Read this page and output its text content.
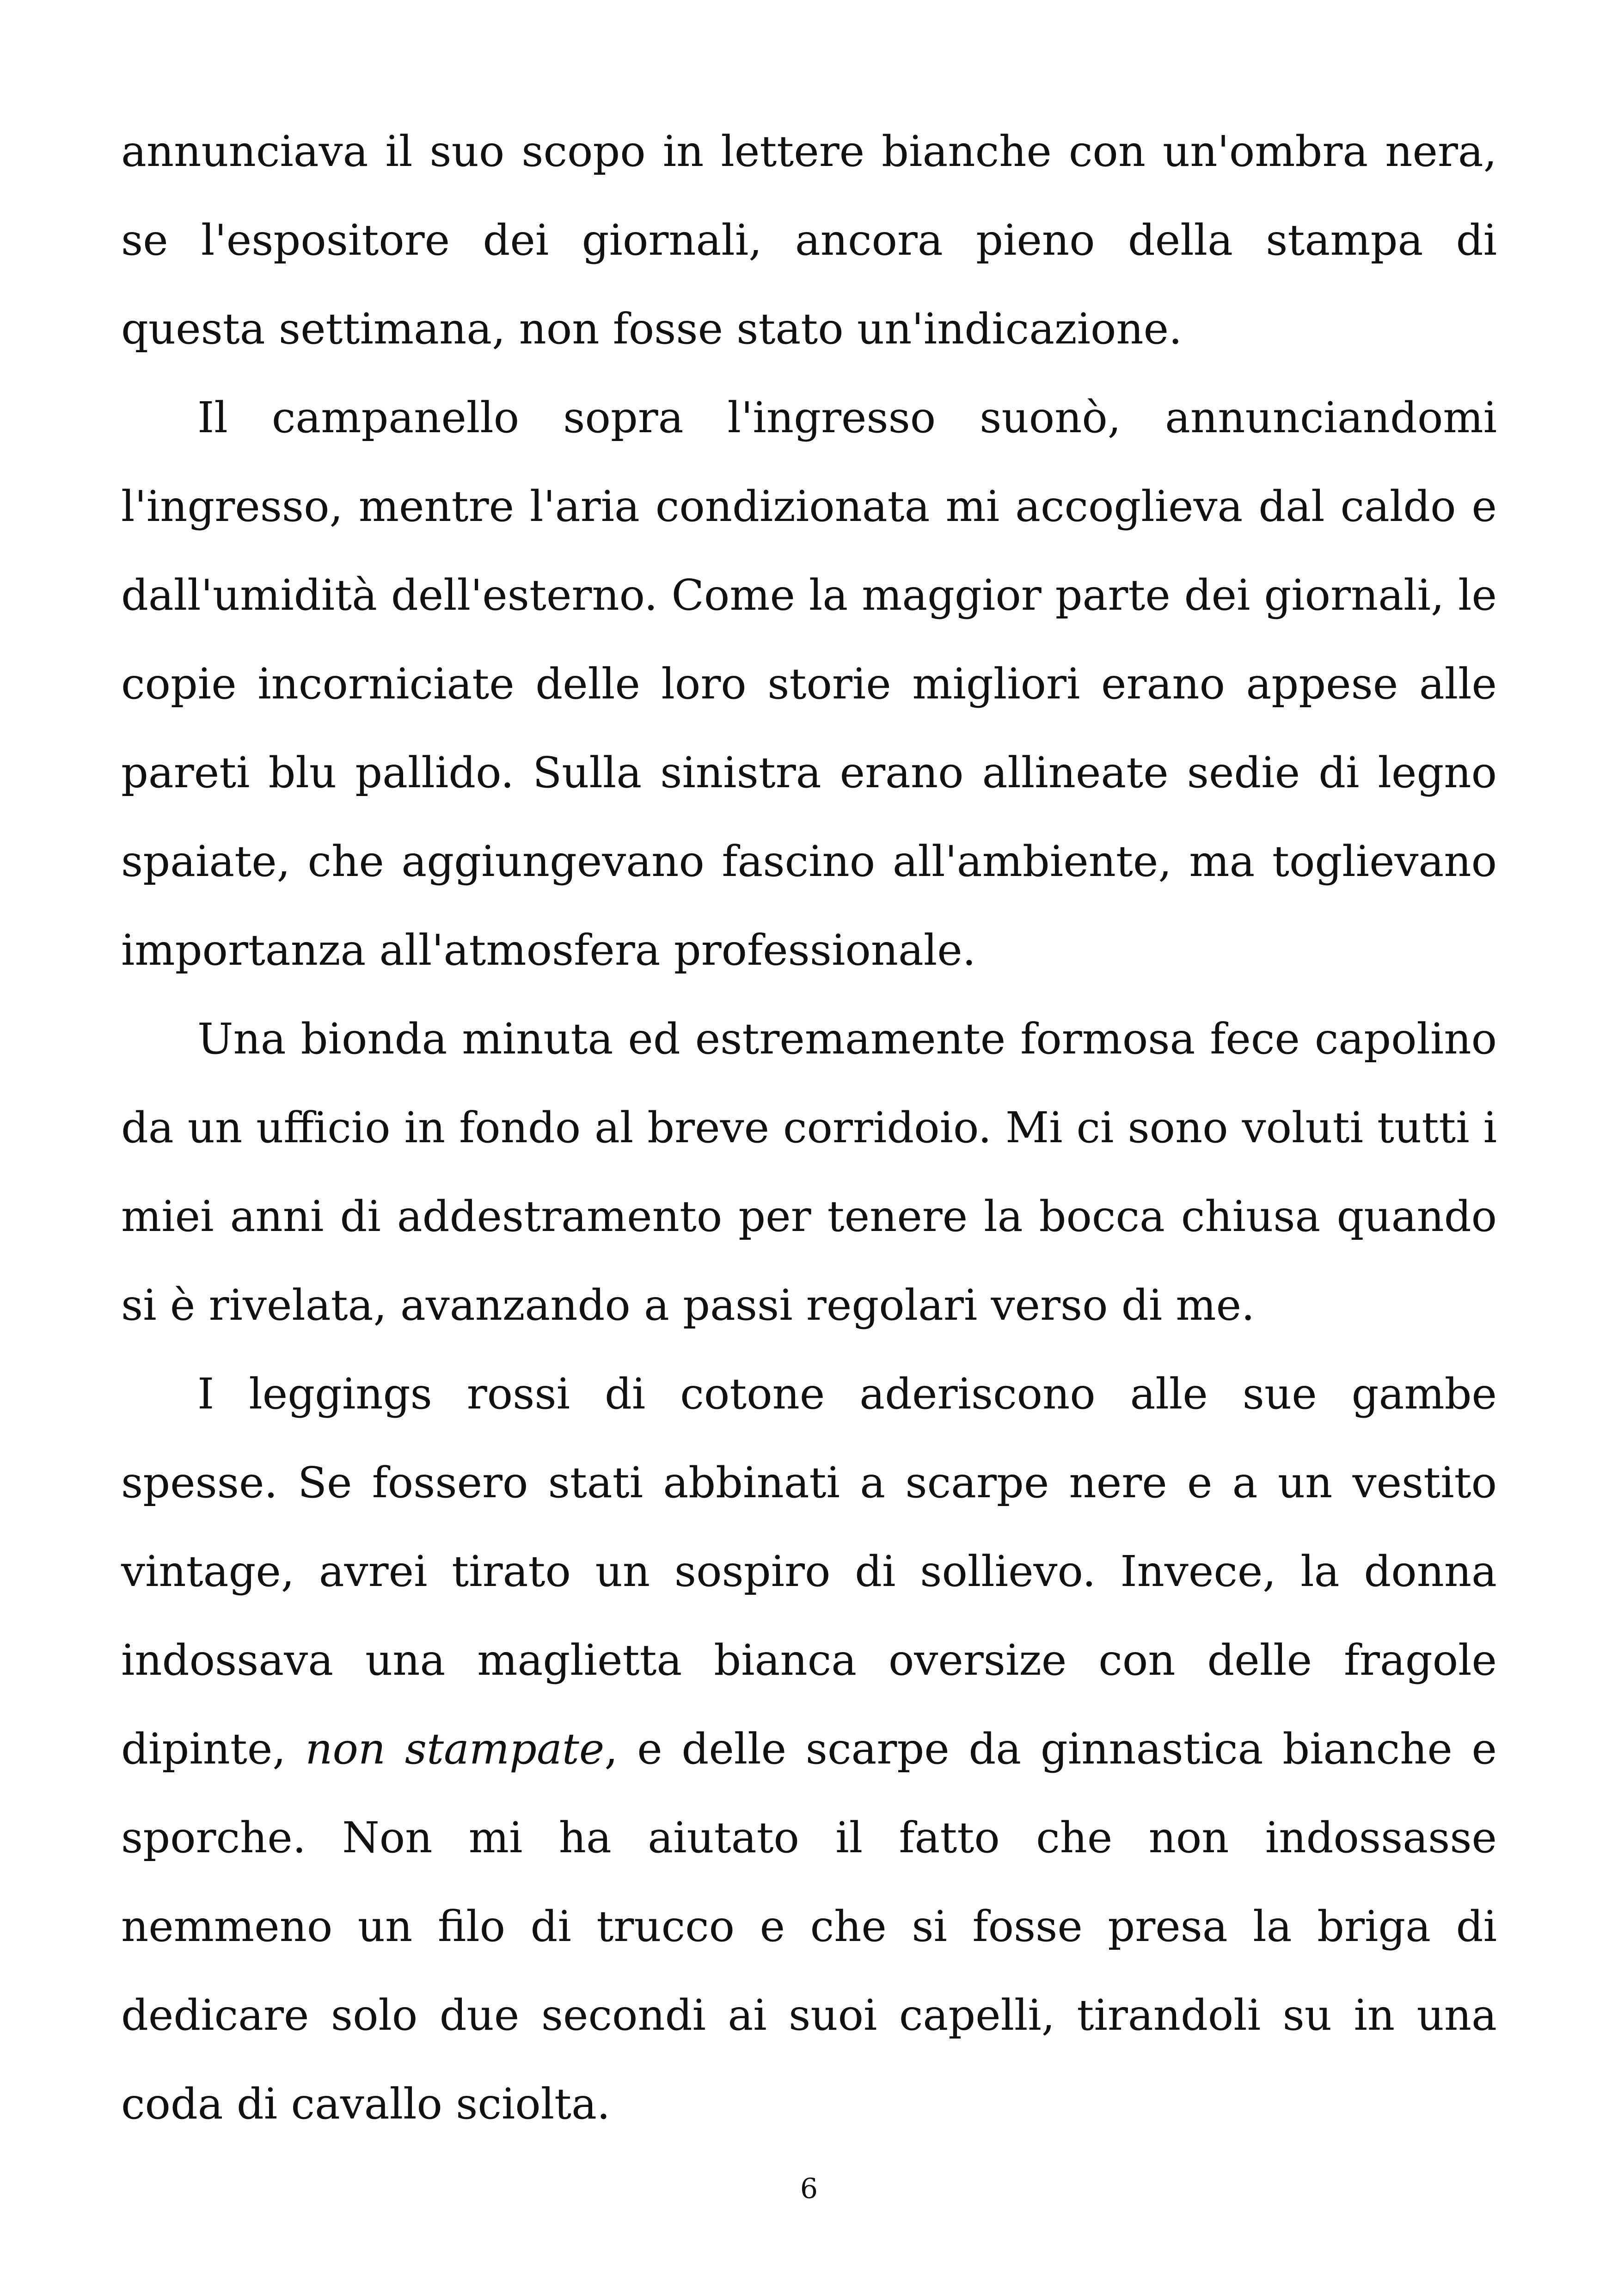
annunciava il suo scopo in lettere bianche con un'ombra nera, se l'espositore dei giornali, ancora pieno della stampa di questa settimana, non fosse stato un'indicazione.

Il campanello sopra l'ingresso suonò, annunciandomi l'ingresso, mentre l'aria condizionata mi accoglieva dal caldo e dall'umidità dell'esterno. Come la maggior parte dei giornali, le copie incorniciate delle loro storie migliori erano appese alle pareti blu pallido. Sulla sinistra erano allineate sedie di legno spaiate, che aggiungevano fascino all'ambiente, ma toglievano importanza all'atmosfera professionale.

Una bionda minuta ed estremamente formosa fece capolino da un ufficio in fondo al breve corridoio. Mi ci sono voluti tutti i miei anni di addestramento per tenere la bocca chiusa quando si è rivelata, avanzando a passi regolari verso di me.

I leggings rossi di cotone aderiscono alle sue gambe spesse. Se fossero stati abbinati a scarpe nere e a un vestito vintage, avrei tirato un sospiro di sollievo. Invece, la donna indossava una maglietta bianca oversize con delle fragole dipinte, non stampate, e delle scarpe da ginnastica bianche e sporche. Non mi ha aiutato il fatto che non indossasse nemmeno un filo di trucco e che si fosse presa la briga di dedicare solo due secondi ai suoi capelli, tirandoli su in una coda di cavallo sciolta.

6
